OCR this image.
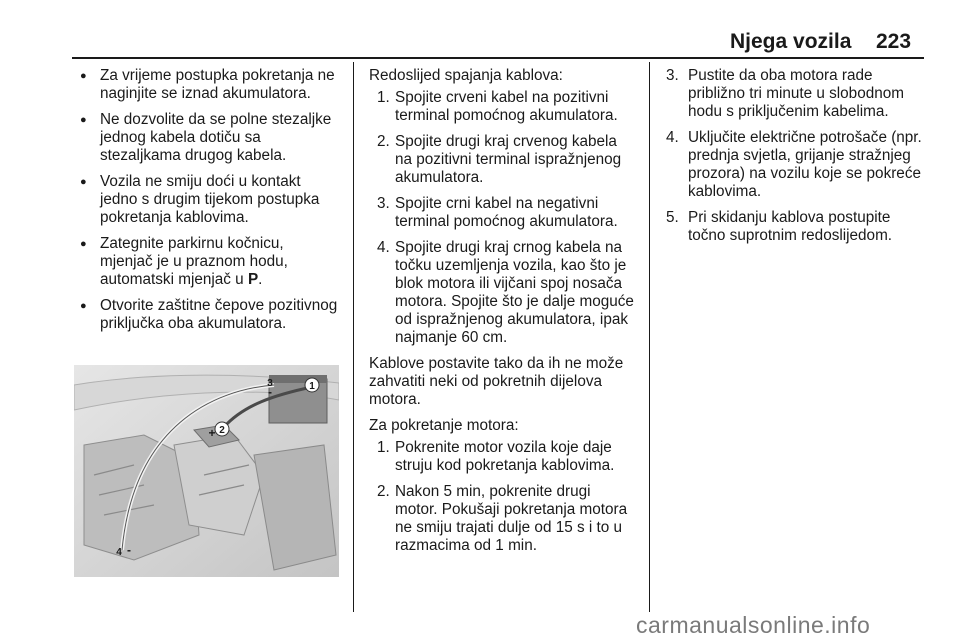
Njega vozila 223
● Za vrijeme postupka pokretanja ne naginjite se iznad akumulatora.
● Ne dozvolite da se polne stezaljke jednog kabela dotiču sa stezaljkama drugog kabela.
● Vozila ne smiju doći u kontakt jedno s drugim tijekom postupka pokretanja kablovima.
● Zategnite parkirnu kočnicu, mjenjač je u praznom hodu, automatski mjenjač u P.
● Otvorite zaštitne čepove pozitivnog priključka oba akumulatora.
1
3
-
2
+
4 -
Redoslijed spajanja kablova:
1. Spojite crveni kabel na pozitivni terminal pomoćnog akumulatora.
2. Spojite drugi kraj crvenog kabela na pozitivni terminal ispražnjenog akumulatora.
3. Spojite crni kabel na negativni terminal pomoćnog akumulatora.
4. Spojite drugi kraj crnog kabela na točku uzemljenja vozila, kao što je blok motora ili vijčani spoj nosača motora. Spojite što je dalje moguće od ispražnjenog akumulatora, ipak najmanje 60 cm.
Kablove postavite tako da ih ne može zahvatiti neki od pokretnih dijelova motora.
Za pokretanje motora:
1. Pokrenite motor vozila koje daje struju kod pokretanja kablovima.
2. Nakon 5 min, pokrenite drugi motor. Pokušaji pokretanja motora ne smiju trajati dulje od 15 s i to u razmacima od 1 min.
3. Pustite da oba motora rade približno tri minute u slobodnom hodu s priključenim kabelima.
4. Uključite električne potrošače (npr. prednja svjetla, grijanje stražnjeg prozora) na vozilu koje se pokreće kablovima.
5. Pri skidanju kablova postupite točno suprotnim redoslijedom.
carmanualsonline.info
